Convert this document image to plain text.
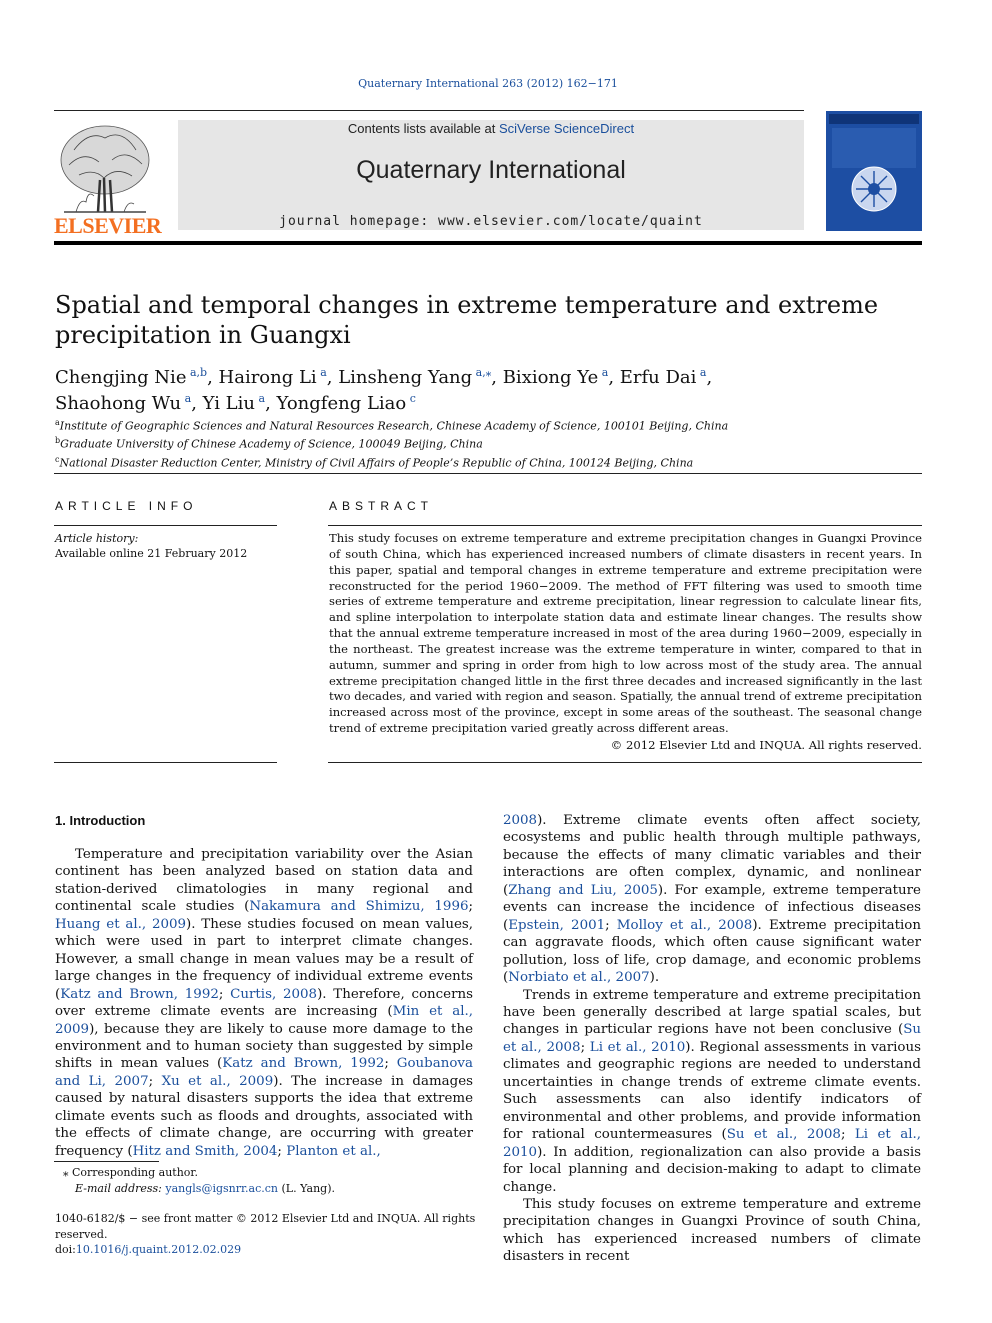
Quaternary International 263 (2012) 162−171
ELSEVIER
Contents lists available at SciVerse ScienceDirect
Quaternary International
journal homepage: www.elsevier.com/locate/quaint
Spatial and temporal changes in extreme temperature and extreme precipitation in Guangxi
Chengjing Nie $^{a,b}$, Hairong Li $^a$, Linsheng Yang $^{a,⁎}$, Bixiong Ye $^a$, Erfu Dai $^a$,
Shaohong Wu $^a$, Yi Liu $^a$, Yongfeng Liao $^c$
$^a$Institute of Geographic Sciences and Natural Resources Research, Chinese Academy of Science, 100101 Beijing, China
$^b$Graduate University of Chinese Academy of Science, 100049 Beijing, China
$^c$National Disaster Reduction Center, Ministry of Civil Affairs of People’s Republic of China, 100124 Beijing, China
ARTICLE INFO
Article history:
Available online 21 February 2012
ABSTRACT
This study focuses on extreme temperature and extreme precipitation changes in Guangxi Province of south China, which has experienced increased numbers of climate disasters in recent years. In this paper, spatial and temporal changes in extreme temperature and extreme precipitation were reconstructed for the period 1960−2009. The method of FFT filtering was used to smooth time series of extreme temperature and extreme precipitation, linear regression to calculate linear fits, and spline interpolation to interpolate station data and estimate linear changes. The results show that the annual extreme temperature increased in most of the area during 1960−2009, especially in the northeast. The greatest increase was the extreme temperature in winter, compared to that in autumn, summer and spring in order from high to low across most of the study area. The annual extreme precipitation changed little in the first three decades and increased significantly in the last two decades, and varied with region and season. Spatially, the annual trend of extreme precipitation increased across most of the province, except in some areas of the southeast. The seasonal change trend of extreme precipitation varied greatly across different areas.
© 2012 Elsevier Ltd and INQUA. All rights reserved.
1. Introduction

Temperature and precipitation variability over the Asian continent has been analyzed based on station data and station-derived climatologies in many regional and continental scale studies (Nakamura and Shimizu, 1996; Huang et al., 2009). These studies focused on mean values, which were used in part to interpret climate changes. However, a small change in mean values may be a result of large changes in the frequency of individual extreme events (Katz and Brown, 1992; Curtis, 2008). Therefore, concerns over extreme climate events are increasing (Min et al., 2009), because they are likely to cause more damage to the environment and to human society than suggested by simple shifts in mean values (Katz and Brown, 1992; Goubanova and Li, 2007; Xu et al., 2009). The increase in damages caused by natural disasters supports the idea that extreme climate events such as floods and droughts, associated with the effects of climate change, are occurring with greater frequency (Hitz and Smith, 2004; Planton et al.,

2008). Extreme climate events often affect society, ecosystems and public health through multiple pathways, because the effects of many climatic variables and their interactions are often complex, dynamic, and nonlinear (Zhang and Liu, 2005). For example, extreme temperature events can increase the incidence of infectious diseases (Epstein, 2001; Molloy et al., 2008). Extreme precipitation can aggravate floods, which often cause significant water pollution, loss of life, crop damage, and economic problems (Norbiato et al., 2007).

Trends in extreme temperature and extreme precipitation have been generally described at large spatial scales, but changes in particular regions have not been conclusive (Su et al., 2008; Li et al., 2010). Regional assessments in various climates and geographic regions are needed to understand uncertainties in change trends of extreme climate events. Such assessments can also identify indicators of environmental and other problems, and provide information for rational countermeasures (Su et al., 2008; Li et al., 2010). In addition, regionalization can also provide a basis for local planning and decision-making to adapt to climate change.

This study focuses on extreme temperature and extreme precipitation changes in Guangxi Province of south China, which has experienced increased numbers of climate disasters in recent

⁎ Corresponding author.
E-mail address: yangls@igsnrr.ac.cn (L. Yang).
1040-6182/$ − see front matter © 2012 Elsevier Ltd and INQUA. All rights reserved.
doi:10.1016/j.quaint.2012.02.029
